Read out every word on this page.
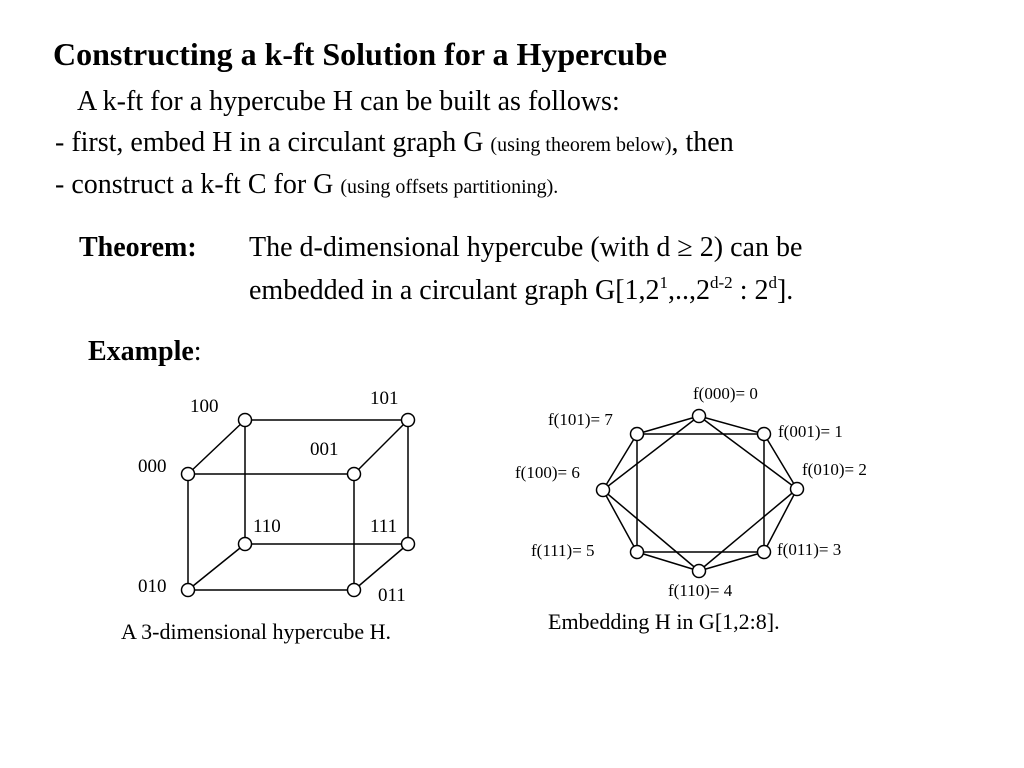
Constructing a k-ft Solution for a Hypercube
A k-ft for a hypercube H can be built as follows:
- first, embed H in a circulant graph G (using theorem below), then
- construct a k-ft C for G (using offsets partitioning).
Theorem: The d-dimensional hypercube (with d ≥ 2) can be
embedded in a circulant graph $G[1,2^1,..,2^{d-2}$ : 2$^d$].
Example:
100	101
000
001
110	111
010	011
A 3-dimensional hypercube H.
f(000)= 0
f(001)= 1
f(010)= 2
f(011)= 3
f(110)= 4
f(111)= 5
f(100)= 6
f(101)= 7
Embedding H in G[1,2:8].
